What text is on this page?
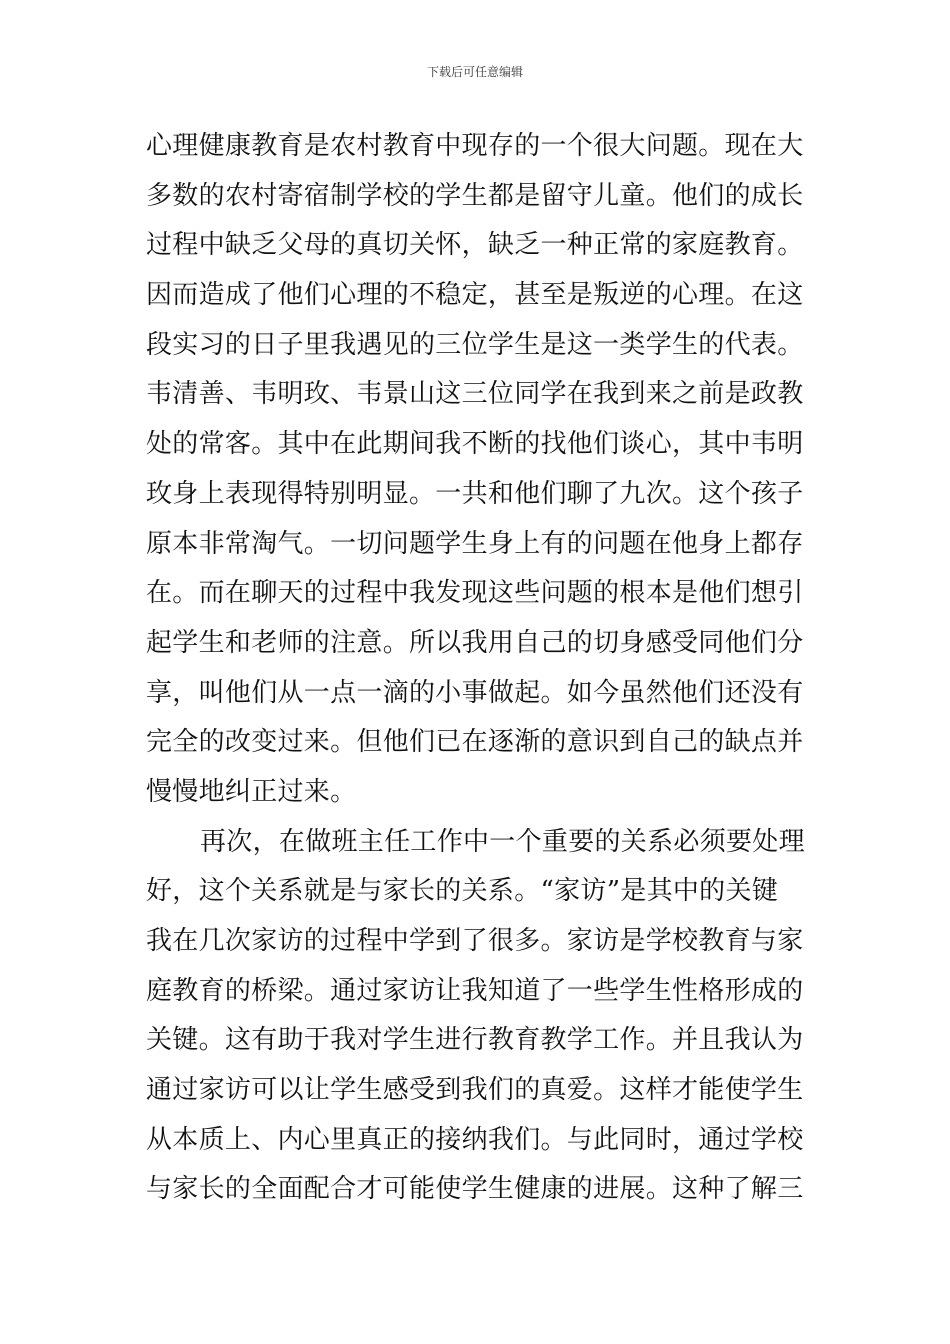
下载后可任意编辑
心理健康教育是农村教育中现存的一个很大问题。现在大
多数的农村寄宿制学校的学生都是留守儿童。他们的成长
过程中缺乏父母的真切关怀，缺乏一种正常的家庭教育。
因而造成了他们心理的不稳定，甚至是叛逆的心理。在这
段实习的日子里我遇见的三位学生是这一类学生的代表。
韦清善、韦明玫、韦景山这三位同学在我到来之前是政教
处的常客。其中在此期间我不断的找他们谈心，其中韦明
玫身上表现得特别明显。一共和他们聊了九次。这个孩子
原本非常淘气。一切问题学生身上有的问题在他身上都存
在。而在聊天的过程中我发现这些问题的根本是他们想引
起学生和老师的注意。所以我用自己的切身感受同他们分
享，叫他们从一点一滴的小事做起。如今虽然他们还没有
完全的改变过来。但他们已在逐渐的意识到自己的缺点并
慢慢地纠正过来。
再次，在做班主任工作中一个重要的关系必须要处理
好，这个关系就是与家长的关系。“家访”是其中的关键
我在几次家访的过程中学到了很多。家访是学校教育与家
庭教育的桥梁。通过家访让我知道了一些学生性格形成的
关键。这有助于我对学生进行教育教学工作。并且我认为
通过家访可以让学生感受到我们的真爱。这样才能使学生
从本质上、内心里真正的接纳我们。与此同时，通过学校
与家长的全面配合才可能使学生健康的进展。这种了解三
